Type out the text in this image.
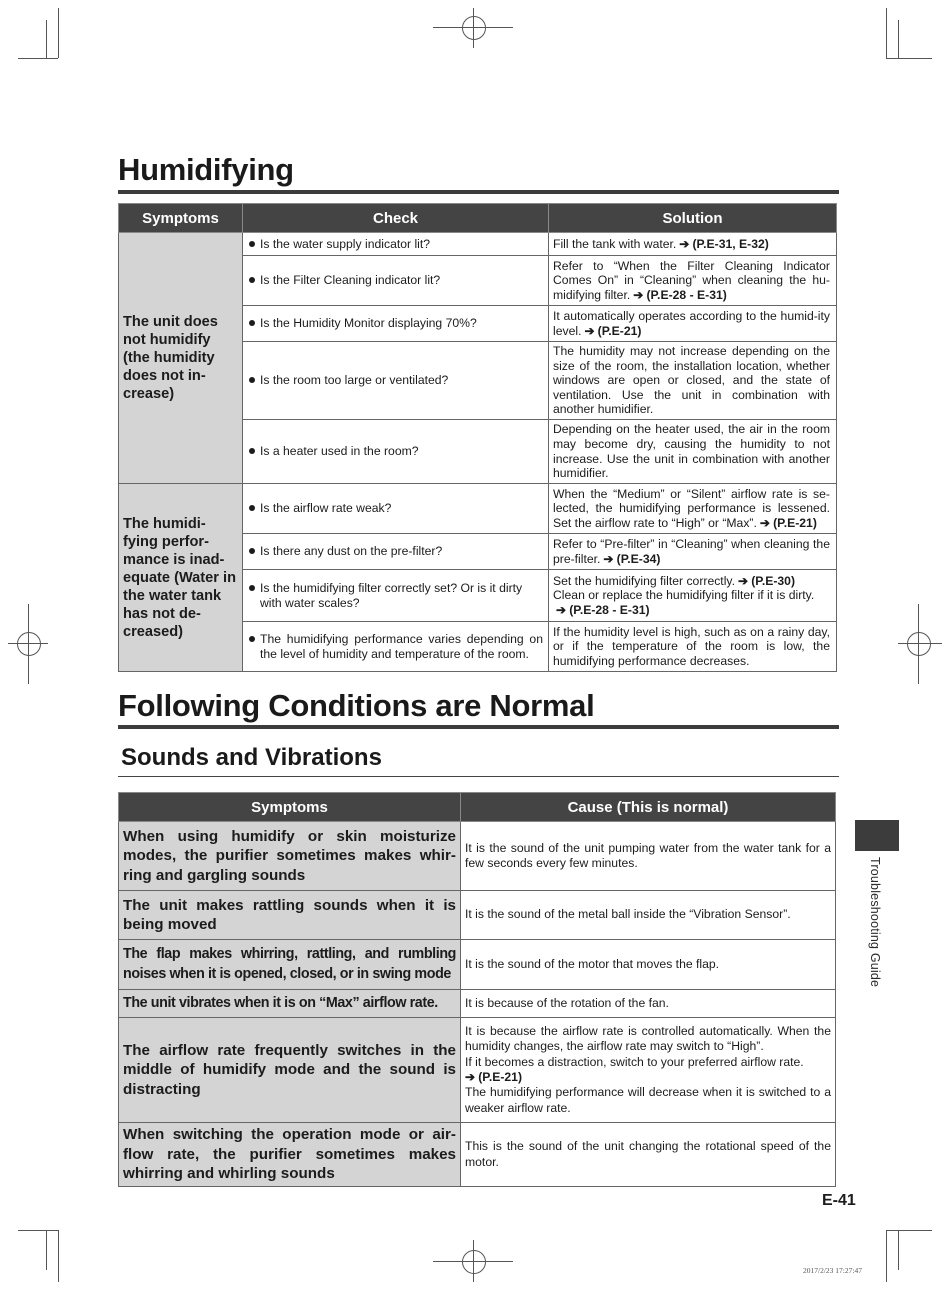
Humidifying
Symptoms	Check	Solution
The unit does not humidify (the humidity does not in-crease)	Is the water supply indicator lit?	Fill the tank with water. ➔ (P.E-31, E-32)
	Is the Filter Cleaning indicator lit?	Refer to “When the Filter Cleaning Indicator Comes On” in “Cleaning” when cleaning the hu-midifying filter. ➔ (P.E-28 - E-31)
	Is the Humidity Monitor displaying 70%?	It automatically operates according to the humid-ity level. ➔ (P.E-21)
	Is the room too large or ventilated?	The humidity may not increase depending on the size of the room, the installation location, whether windows are open or closed, and the state of ventilation. Use the unit in combination with another humidifier.
	Is a heater used in the room?	Depending on the heater used, the air in the room may become dry, causing the humidity to not increase. Use the unit in combination with another humidifier.
The humidi-fying perfor-mance is inad-equate (Water in the water tank has not de-creased)	Is the airflow rate weak?	When the “Medium” or “Silent” airflow rate is se-lected, the humidifying performance is lessened. Set the airflow rate to “High” or “Max”. ➔ (P.E-21)
	Is there any dust on the pre-filter?	Refer to “Pre-filter” in “Cleaning” when cleaning the pre-filter. ➔ (P.E-34)

	Is the humidifying filter correctly set? Or is it dirty with water scales?	Set the humidifying filter correctly. ➔ (P.E-30)
Clean or replace the humidifying filter if it is dirty.
➔ (P.E-28 - E-31)

	The humidifying performance varies depending on the level of humidity and temperature of the room.	If the humidity level is high, such as on a rainy day, or if the temperature of the room is low, the humidifying performance decreases.
Following Conditions are Normal
Sounds and Vibrations
Symptoms	Cause (This is normal)
When using humidify or skin moisturize modes, the purifier sometimes makes whir-ring and gargling sounds	It is the sound of the unit pumping water from the water tank for a few seconds every few minutes.
The unit makes rattling sounds when it is being moved	It is the sound of the metal ball inside the “Vibration Sensor”.
The flap makes whirring, rattling, and rumbling noises when it is opened, closed, or in swing mode	It is the sound of the motor that moves the flap.
The unit vibrates when it is on “Max” airflow rate.	It is because of the rotation of the fan.
The airflow rate frequently switches in the middle of humidify mode and the sound is distracting	It is because the airflow rate is controlled automatically. When the humidity changes, the airflow rate may switch to “High”.
If it becomes a distraction, switch to your preferred airflow rate.
➔ (P.E-21)
The humidifying performance will decrease when it is switched to a weaker airflow rate.
When switching the operation mode or air-flow rate, the purifier sometimes makes whirring and whirling sounds	This is the sound of the unit changing the rotational speed of the motor.
Troubleshooting Guide
E-41
2017/2/23 17:27:47
